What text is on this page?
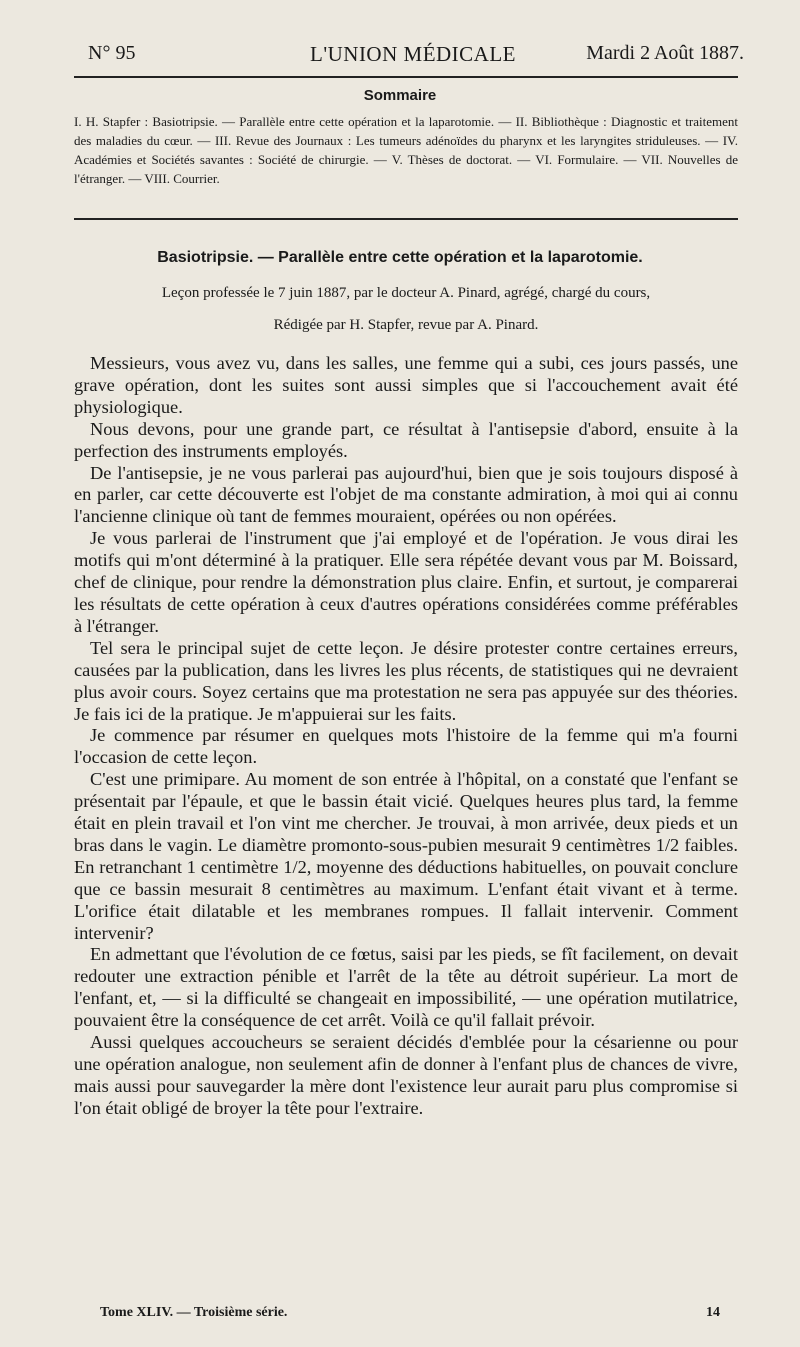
N° 95	L'UNION MÉDICALE	Mardi 2 Août 1887.
Sommaire
I. H. Stapfer : Basiotripsie. — Parallèle entre cette opération et la laparotomie. — II. Bibliothèque : Diagnostic et traitement des maladies du cœur. — III. Revue des Journaux : Les tumeurs adénoïdes du pharynx et les laryngites striduleuses. — IV. Académies et Sociétés savantes : Société de chirurgie. — V. Thèses de doctorat. — VI. Formulaire. — VII. Nouvelles de l'étranger. — VIII. Courrier.
Basiotripsie. — Parallèle entre cette opération et la laparotomie.
Leçon professée le 7 juin 1887, par le docteur A. Pinard, agrégé, chargé du cours,
Rédigée par H. Stapfer, revue par A. Pinard.

Messieurs, vous avez vu, dans les salles, une femme qui a subi, ces jours passés, une grave opération, dont les suites sont aussi simples que si l'accouchement avait été physiologique.

Nous devons, pour une grande part, ce résultat à l'antisepsie d'abord, ensuite à la perfection des instruments employés.

De l'antisepsie, je ne vous parlerai pas aujourd'hui, bien que je sois toujours disposé à en parler, car cette découverte est l'objet de ma constante admiration, à moi qui ai connu l'ancienne clinique où tant de femmes mouraient, opérées ou non opérées.

Je vous parlerai de l'instrument que j'ai employé et de l'opération. Je vous dirai les motifs qui m'ont déterminé à la pratiquer. Elle sera répétée devant vous par M. Boissard, chef de clinique, pour rendre la démonstration plus claire. Enfin, et surtout, je comparerai les résultats de cette opération à ceux d'autres opérations considérées comme préférables à l'étranger.

Tel sera le principal sujet de cette leçon. Je désire protester contre certaines erreurs, causées par la publication, dans les livres les plus récents, de statistiques qui ne devraient plus avoir cours. Soyez certains que ma protestation ne sera pas appuyée sur des théories. Je fais ici de la pratique. Je m'appuierai sur les faits.

Je commence par résumer en quelques mots l'histoire de la femme qui m'a fourni l'occasion de cette leçon.

C'est une primipare. Au moment de son entrée à l'hôpital, on a constaté que l'enfant se présentait par l'épaule, et que le bassin était vicié. Quelques heures plus tard, la femme était en plein travail et l'on vint me chercher. Je trouvai, à mon arrivée, deux pieds et un bras dans le vagin. Le diamètre promonto-sous-pubien mesurait 9 centimètres 1/2 faibles. En retranchant 1 centimètre 1/2, moyenne des déductions habituelles, on pouvait conclure que ce bassin mesurait 8 centimètres au maximum. L'enfant était vivant et à terme. L'orifice était dilatable et les membranes rompues. Il fallait intervenir. Comment intervenir?

En admettant que l'évolution de ce fœtus, saisi par les pieds, se fît facilement, on devait redouter une extraction pénible et l'arrêt de la tête au détroit supérieur. La mort de l'enfant, et, — si la difficulté se changeait en impossibilité, — une opération mutilatrice, pouvaient être la conséquence de cet arrêt. Voilà ce qu'il fallait prévoir.

Aussi quelques accoucheurs se seraient décidés d'emblée pour la césarienne ou pour une opération analogue, non seulement afin de donner à l'enfant plus de chances de vivre, mais aussi pour sauvegarder la mère dont l'existence leur aurait paru plus compromise si l'on était obligé de broyer la tête pour l'extraire.

Tome XLIV. — Troisième série.	14
